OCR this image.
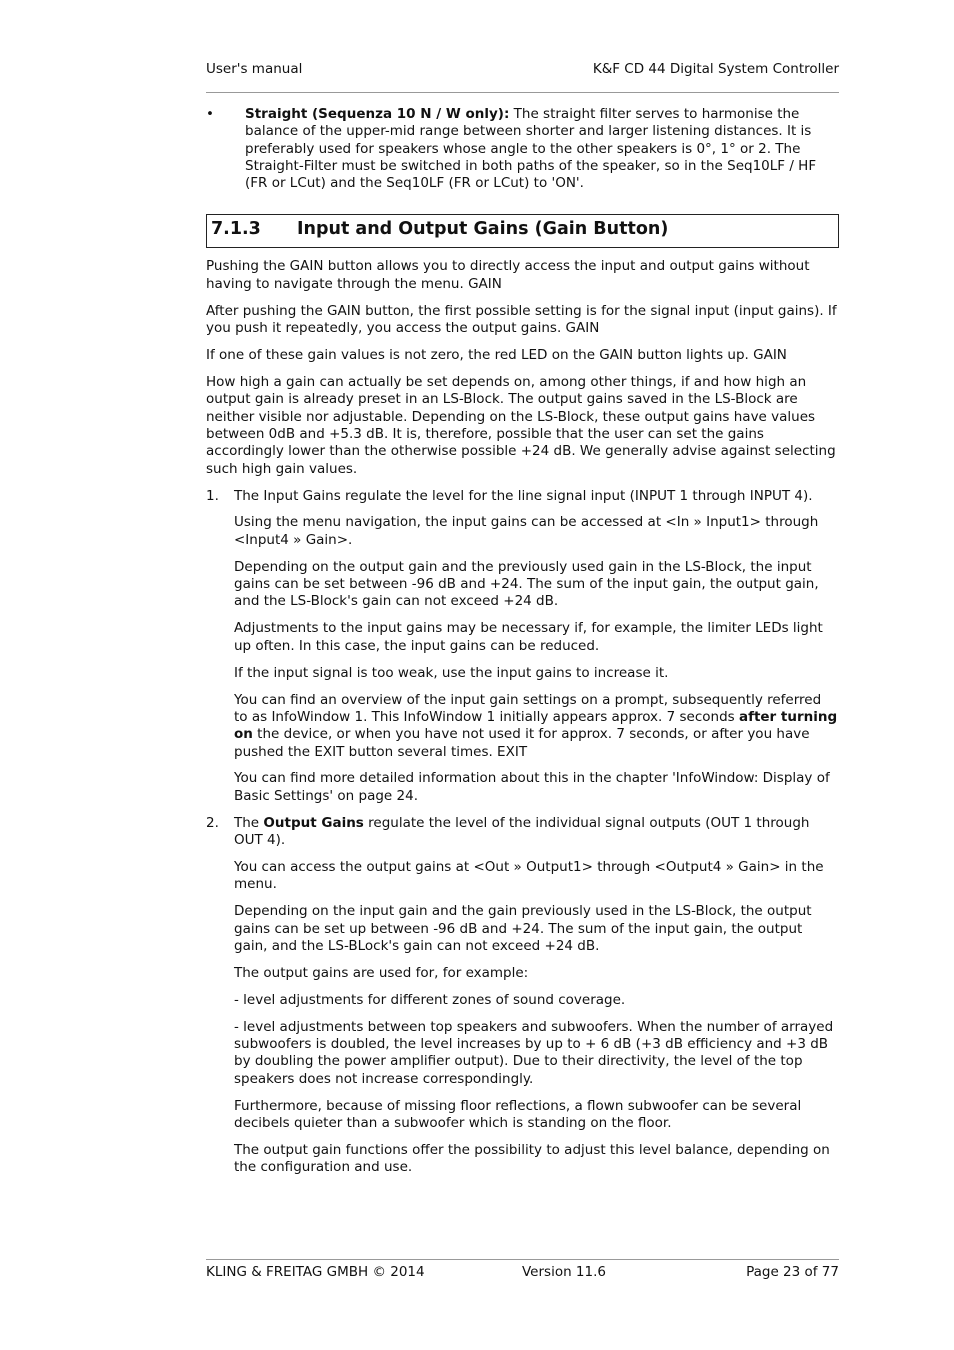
User's manual	K&F CD 44 Digital System Controller
• Straight (Sequenza 10 N / W only): The straight filter serves to harmonise the balance of the upper-mid range between shorter and larger listening distances. It is preferably used for speakers whose angle to the other speakers is 0°, 1° or 2. The Straight-Filter must be switched in both paths of the speaker, so in the Seq10LF / HF (FR or LCut) and the Seq10LF (FR or LCut) to 'ON'.
7.1.3 Input and Output Gains (Gain Button)

Pushing the GAIN button allows you to directly access the input and output gains without having to navigate through the menu. GAIN

After pushing the GAIN button, the first possible setting is for the signal input (input gains). If you push it repeatedly, you access the output gains. GAIN

If one of these gain values is not zero, the red LED on the GAIN button lights up. GAIN

How high a gain can actually be set depends on, among other things, if and how high an output gain is already preset in an LS-Block. The output gains saved in the LS-Block are neither visible nor adjustable. Depending on the LS-Block, these output gains have values between 0dB and +5.3 dB. It is, therefore, possible that the user can set the gains accordingly lower than the otherwise possible +24 dB. We generally advise against selecting such high gain values.

1. The Input Gains regulate the level for the line signal input (INPUT 1 through INPUT 4).

Using the menu navigation, the input gains can be accessed at <In » Input1> through <Input4 » Gain>.

Depending on the output gain and the previously used gain in the LS-Block, the input gains can be set between -96 dB and +24. The sum of the input gain, the output gain, and the LS-Block's gain can not exceed +24 dB.

Adjustments to the input gains may be necessary if, for example, the limiter LEDs light up often. In this case, the input gains can be reduced.

If the input signal is too weak, use the input gains to increase it.

You can find an overview of the input gain settings on a prompt, subsequently referred to as InfoWindow 1. This InfoWindow 1 initially appears approx. 7 seconds after turning on the device, or when you have not used it for approx. 7 seconds, or after you have pushed the EXIT button several times. EXIT

You can find more detailed information about this in the chapter 'InfoWindow: Display of Basic Settings' on page 24.

2. The Output Gains regulate the level of the individual signal outputs (OUT 1 through OUT 4).

You can access the output gains at <Out » Output1> through <Output4 » Gain> in the menu.

Depending on the input gain and the gain previously used in the LS-Block, the output gains can be set up between -96 dB and +24. The sum of the input gain, the output gain, and the LS-BLock's gain can not exceed +24 dB.

The output gains are used for, for example:

- level adjustments for different zones of sound coverage.

- level adjustments between top speakers and subwoofers. When the number of arrayed subwoofers is doubled, the level increases by up to + 6 dB (+3 dB efficiency and +3 dB by doubling the power amplifier output). Due to their directivity, the level of the top speakers does not increase correspondingly.

Furthermore, because of missing floor reflections, a flown subwoofer can be several decibels quieter than a subwoofer which is standing on the floor.

The output gain functions offer the possibility to adjust this level balance, depending on the configuration and use.

KLING & FREITAG GMBH © 2014	Version 11.6	Page 23 of 77
